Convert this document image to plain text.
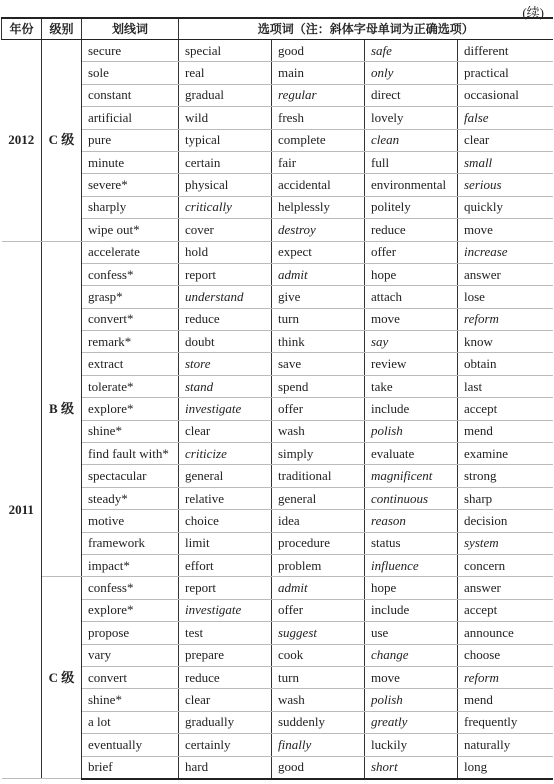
(续)
年份	级别	划线词	选项词（注：斜体字母单词为正确选项）			
2012	C 级	secure	special	good	safe	different
		sole	real	main	only	practical
		constant	gradual	regular	direct	occasional
		artificial	wild	fresh	lovely	false
		pure	typical	complete	clean	clear
		minute	certain	fair	full	small
		severe*	physical	accidental	environmental	serious
		sharply	critically	helplessly	politely	quickly
		wipe out*	cover	destroy	reduce	move
2011	B 级	accelerate	hold	expect	offer	increase
		confess*	report	admit	hope	answer
		grasp*	understand	give	attach	lose
		convert*	reduce	turn	move	reform
		remark*	doubt	think	say	know
		extract	store	save	review	obtain
		tolerate*	stand	spend	take	last
		explore*	investigate	offer	include	accept
		shine*	clear	wash	polish	mend
		find fault with*	criticize	simply	evaluate	examine
		spectacular	general	traditional	magnificent	strong
		steady*	relative	general	continuous	sharp
		motive	choice	idea	reason	decision
		framework	limit	procedure	status	system
		impact*	effort	problem	influence	concern
	C 级	confess*	report	admit	hope	answer
		explore*	investigate	offer	include	accept
		propose	test	suggest	use	announce
		vary	prepare	cook	change	choose
		convert	reduce	turn	move	reform
		shine*	clear	wash	polish	mend
		a lot	gradually	suddenly	greatly	frequently
		eventually	certainly	finally	luckily	naturally
		brief	hard	good	short	long
